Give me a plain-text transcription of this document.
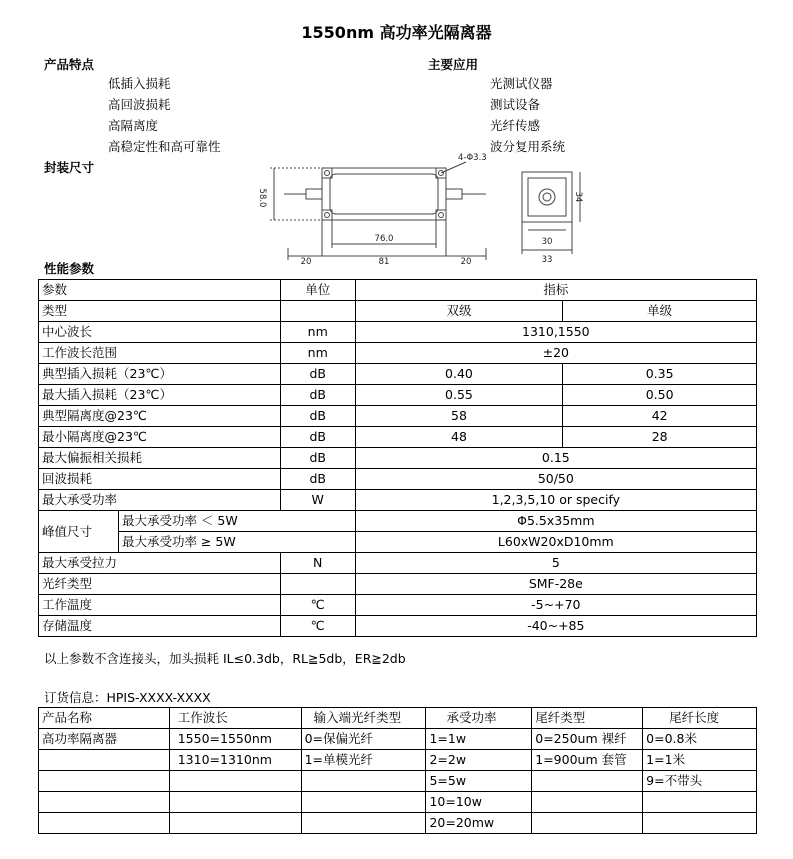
1550nm 高功率光隔离器
产品特点
低插入损耗
高回波损耗
高隔离度
高稳定性和高可靠性
主要应用
光测试仪器
测试设备
光纤传感
波分复用系统
封装尺寸
58.0
76.0
20	81	20
4-Φ3.3
30
33
34
性能参数
参数		单位	指标	
类型			双级	单级
中心波长		nm	1310,1550	
工作波长范围		nm	±20	
典型插入损耗（23℃）		dB	0.40	0.35
最大插入损耗（23℃）		dB	0.55	0.50
典型隔离度@23℃		dB	58	42
最小隔离度@23℃		dB	48	28
最大偏振相关损耗		dB	0.15	
回波损耗		dB	50/50	
最大承受功率		W	1,2,3,5,10 or specify	
峰值尺寸	最大承受功率 ＜ 5W		Φ5.5x35mm	
	最大承受功率 ≥ 5W		L60xW20xD10mm	
最大承受拉力		N	5	
光纤类型			SMF-28e	
工作温度		℃	-5~+70	
存储温度		℃	-40~+85	
以上参数不含连接头，加头损耗 IL≤0.3db，RL≧5db，ER≧2db
订货信息：HPIS-XXXX-XXXX
产品名称	工作波长	输入端光纤类型	承受功率	尾纤类型	尾纤长度
高功率隔离器	1550=1550nm	0=保偏光纤	1=1w	0=250um 裸纤	0=0.8米
	1310=1310nm	1=单模光纤	2=2w	1=900um 套管	1=1米
			5=5w		9=不带头
			10=10w		
			20=20mw		
